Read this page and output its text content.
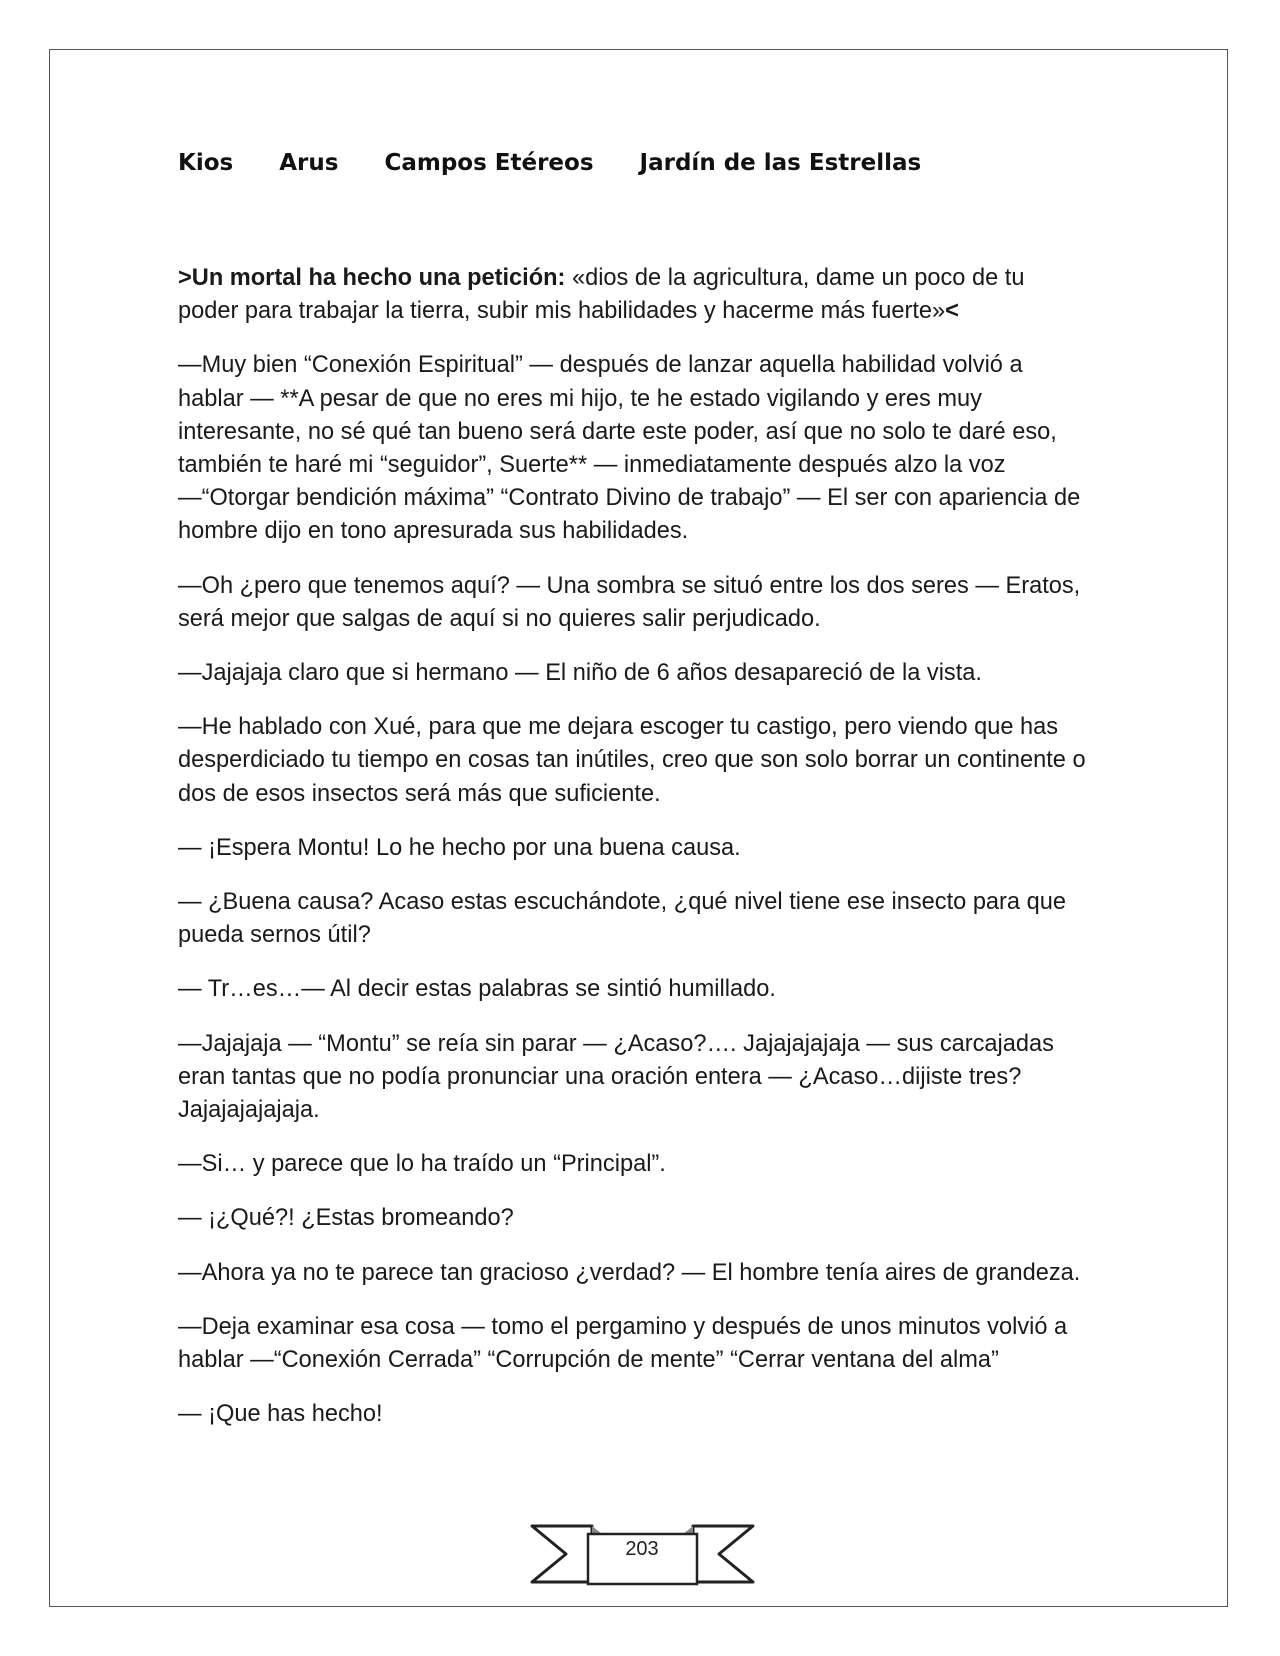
Kios Arus Campos Etéreos Jardín de las Estrellas

>Un mortal ha hecho una petición: «dios de la agricultura, dame un poco de tu poder para trabajar la tierra, subir mis habilidades y hacerme más fuerte»<

—Muy bien “Conexión Espiritual” — después de lanzar aquella habilidad volvió a hablar — **A pesar de que no eres mi hijo, te he estado vigilando y eres muy interesante, no sé qué tan bueno será darte este poder, así que no solo te daré eso, también te haré mi “seguidor”, Suerte** — inmediatamente después alzo la voz —“Otorgar bendición máxima” “Contrato Divino de trabajo” — El ser con apariencia de hombre dijo en tono apresurada sus habilidades.

—Oh ¿pero que tenemos aquí? — Una sombra se situó entre los dos seres — Eratos, será mejor que salgas de aquí si no quieres salir perjudicado.

—Jajajaja claro que si hermano — El niño de 6 años desapareció de la vista.

—He hablado con Xué, para que me dejara escoger tu castigo, pero viendo que has desperdiciado tu tiempo en cosas tan inútiles, creo que son solo borrar un continente o dos de esos insectos será más que suficiente.

— ¡Espera Montu! Lo he hecho por una buena causa.

— ¿Buena causa? Acaso estas escuchándote, ¿qué nivel tiene ese insecto para que pueda sernos útil?

— Tr…es…— Al decir estas palabras se sintió humillado.

—Jajajaja — “Montu” se reía sin parar — ¿Acaso?…. Jajajajajaja — sus carcajadas eran tantas que no podía pronunciar una oración entera — ¿Acaso…dijiste tres? Jajajajajajaja.

—Si… y parece que lo ha traído un “Principal”.

— ¡¿Qué?! ¿Estas bromeando?

—Ahora ya no te parece tan gracioso ¿verdad? — El hombre tenía aires de grandeza.

—Deja examinar esa cosa — tomo el pergamino y después de unos minutos volvió a hablar —“Conexión Cerrada” “Corrupción de mente” “Cerrar ventana del alma”

— ¡Que has hecho!

203
